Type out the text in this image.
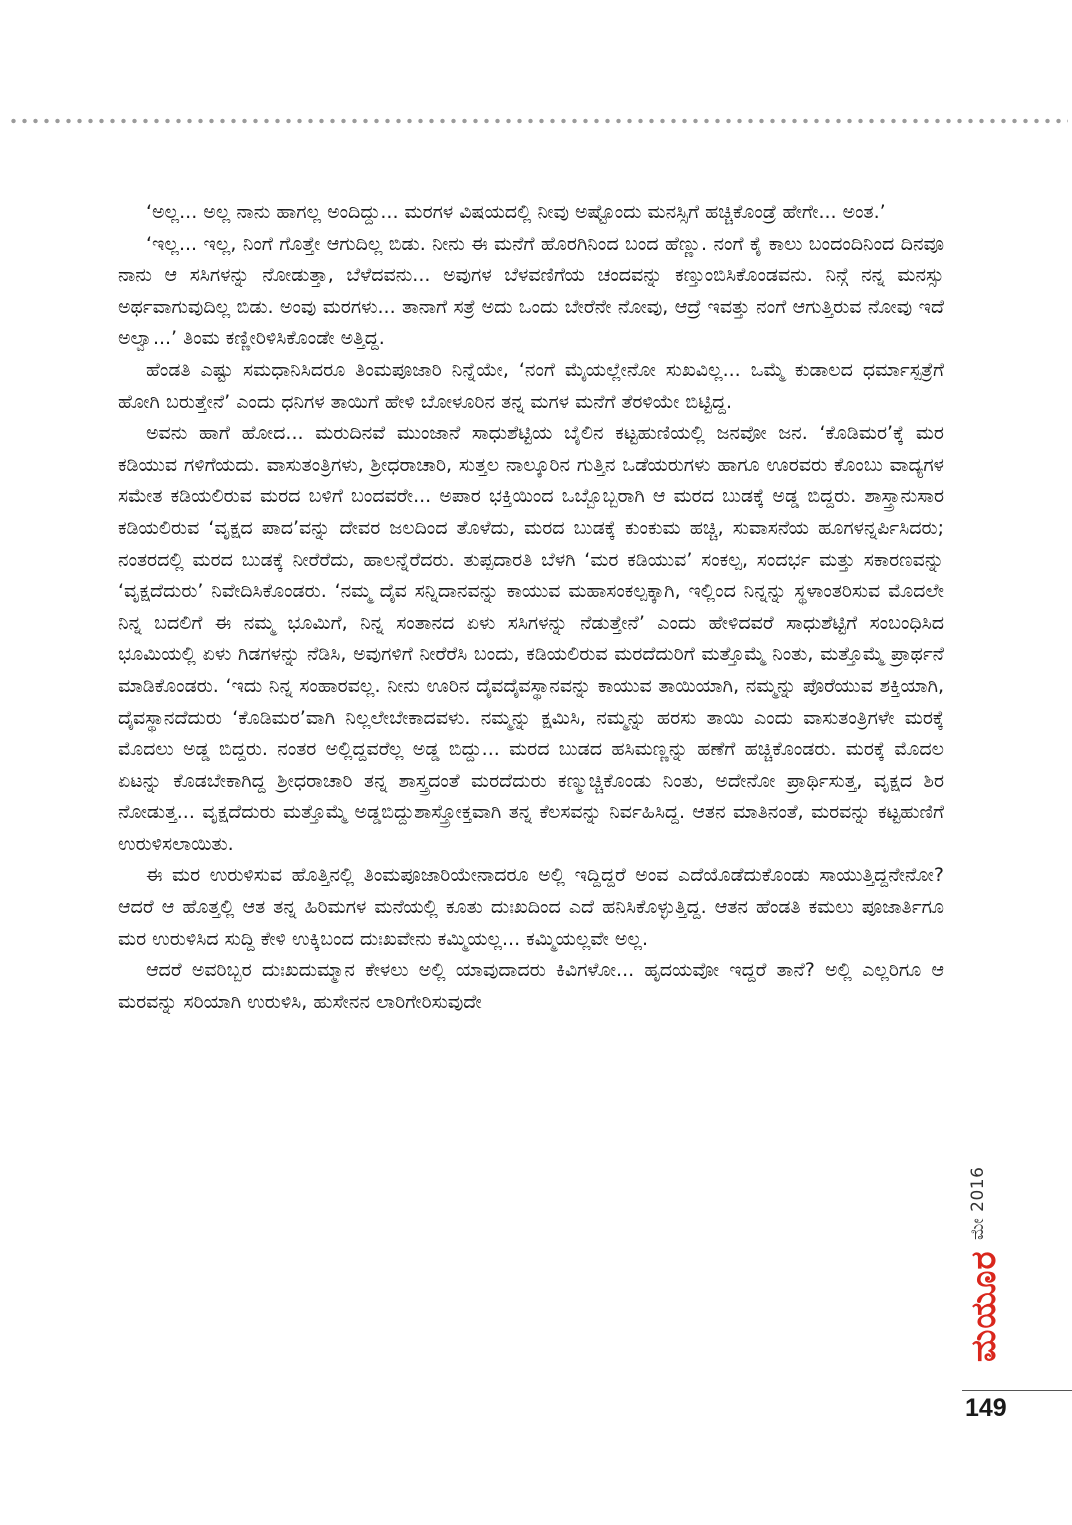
‘ಅಲ್ಲ... ಅಲ್ಲ ನಾನು ಹಾಗಲ್ಲ ಅಂದಿದ್ದು... ಮರಗಳ ವಿಷಯದಲ್ಲಿ ನೀವು ಅಷ್ಟೊಂದು ಮನಸ್ಸಿಗೆ ಹಚ್ಚಿಕೊಂಡ್ರೆ ಹೇಗೇ... ಅಂತ.’

‘ಇಲ್ಲ... ಇಲ್ಲ, ನಿಂಗೆ ಗೊತ್ತೇ ಆಗುದಿಲ್ಲ ಬಿಡು. ನೀನು ಈ ಮನೆಗೆ ಹೊರಗಿನಿಂದ ಬಂದ ಹೆಣ್ಣು. ನಂಗೆ ಕೈ ಕಾಲು ಬಂದಂದಿನಿಂದ ದಿನವೂ ನಾನು ಆ ಸಸಿಗಳನ್ನು ನೋಡುತ್ತಾ, ಬೆಳೆದವನು... ಅವುಗಳ ಬೆಳವಣಿಗೆಯ ಚಂದವನ್ನು ಕಣ್ತುಂಬಿಸಿಕೊಂಡವನು. ನಿನ್ಗೆ ನನ್ನ ಮನಸ್ಸು ಅರ್ಥವಾಗುವುದಿಲ್ಲ ಬಿಡು. ಅಂವು ಮರಗಳು... ತಾನಾಗೆ ಸತ್ರೆ ಅದು ಒಂದು ಬೇರೆನೇ ನೋವು, ಆದ್ರೆ ಇವತ್ತು ನಂಗೆ ಆಗುತ್ತಿರುವ ನೋವು ಇದೆ ಅಲ್ವಾ...’ ತಿಂಮ ಕಣ್ಣೀರಿಳಿಸಿಕೊಂಡೇ ಅತ್ತಿದ್ದ.

ಹೆಂಡತಿ ಎಷ್ಟು ಸಮಧಾನಿಸಿದರೂ ತಿಂಮಪೂಜಾರಿ ನಿನ್ನೆಯೇ, ‘ನಂಗೆ ಮೈಯಲ್ಲೇನೋ ಸುಖವಿಲ್ಲ... ಒಮ್ಮೆ ಕುಡಾಲದ ಧರ್ಮಾಸ್ಪತ್ರೆಗೆ ಹೋಗಿ ಬರುತ್ತೇನೆ’ ಎಂದು ಧನಿಗಳ ತಾಯಿಗೆ ಹೇಳಿ ಬೋಳೂರಿನ ತನ್ನ ಮಗಳ ಮನೆಗೆ ತೆರಳಿಯೇ ಬಿಟ್ಟಿದ್ದ.

ಅವನು ಹಾಗೆ ಹೋದ... ಮರುದಿನವೆ ಮುಂಜಾನೆ ಸಾಧುಶೆಟ್ಟಿಯ ಬೈಲಿನ ಕಟ್ಟಹುಣಿಯಲ್ಲಿ ಜನವೋ ಜನ. ‘ಕೊಡಿಮರ’ಕ್ಕೆ ಮರ ಕಡಿಯುವ ಗಳಿಗೆಯದು. ವಾಸುತಂತ್ರಿಗಳು, ಶ್ರೀಧರಾಚಾರಿ, ಸುತ್ತಲ ನಾಲ್ಕೂರಿನ ಗುತ್ತಿನ ಒಡೆಯರುಗಳು ಹಾಗೂ ಊರವರು ಕೊಂಬು ವಾದ್ಯಗಳ ಸಮೇತ ಕಡಿಯಲಿರುವ ಮರದ ಬಳಿಗೆ ಬಂದವರೇ... ಅಪಾರ ಭಕ್ತಿಯಿಂದ ಒಬ್ಬೊಬ್ಬರಾಗಿ ಆ ಮರದ ಬುಡಕ್ಕೆ ಅಡ್ಡ ಬಿದ್ದರು. ಶಾಸ್ತ್ರಾನುಸಾರ ಕಡಿಯಲಿರುವ ‘ವೃಕ್ಷದ ಪಾದ’ವನ್ನು ದೇವರ ಜಲದಿಂದ ತೊಳೆದು, ಮರದ ಬುಡಕ್ಕೆ ಕುಂಕುಮ ಹಚ್ಚಿ, ಸುವಾಸನೆಯ ಹೂಗಳನ್ನರ್ಪಿಸಿದರು; ನಂತರದಲ್ಲಿ ಮರದ ಬುಡಕ್ಕೆ ನೀರೆರೆದು, ಹಾಲನ್ನೆರೆದರು. ತುಪ್ಪದಾರತಿ ಬೆಳಗಿ ‘ಮರ ಕಡಿಯುವ’ ಸಂಕಲ್ಪ, ಸಂದರ್ಭ ಮತ್ತು ಸಕಾರಣವನ್ನು ‘ವೃಕ್ಷದೆದುರು’ ನಿವೇದಿಸಿಕೊಂಡರು. ‘ನಮ್ಮ ದೈವ ಸನ್ನಿದಾನವನ್ನು ಕಾಯುವ ಮಹಾಸಂಕಲ್ಪಕ್ಕಾಗಿ, ಇಲ್ಲಿಂದ ನಿನ್ನನ್ನು ಸ್ಥಳಾಂತರಿಸುವ ಮೊದಲೇ ನಿನ್ನ ಬದಲಿಗೆ ಈ ನಮ್ಮ ಭೂಮಿಗೆ, ನಿನ್ನ ಸಂತಾನದ ಏಳು ಸಸಿಗಳನ್ನು ನೆಡುತ್ತೇನೆ’ ಎಂದು ಹೇಳಿದವರೆ ಸಾಧುಶೆಟ್ಟಿಗೆ ಸಂಬಂಧಿಸಿದ ಭೂಮಿಯಲ್ಲಿ ಏಳು ಗಿಡಗಳನ್ನು ನೆಡಿಸಿ, ಅವುಗಳಿಗೆ ನೀರೆರೆಸಿ ಬಂದು, ಕಡಿಯಲಿರುವ ಮರದೆದುರಿಗೆ ಮತ್ತೊಮ್ಮೆ ನಿಂತು, ಮತ್ತೊಮ್ಮೆ ಪ್ರಾರ್ಥನೆ ಮಾಡಿಕೊಂಡರು. ‘ಇದು ನಿನ್ನ ಸಂಹಾರವಲ್ಲ. ನೀನು ಊರಿನ ದೈವದೈವಸ್ಥಾನವನ್ನು ಕಾಯುವ ತಾಯಿಯಾಗಿ, ನಮ್ಮನ್ನು ಪೊರೆಯುವ ಶಕ್ತಿಯಾಗಿ, ದೈವಸ್ಥಾನದೆದುರು ‘ಕೊಡಿಮರ’ವಾಗಿ ನಿಲ್ಲಲೇಬೇಕಾದವಳು. ನಮ್ಮನ್ನು ಕ್ಷಮಿಸಿ, ನಮ್ಮನ್ನು ಹರಸು ತಾಯಿ ಎಂದು ವಾಸುತಂತ್ರಿಗಳೇ ಮರಕ್ಕೆ ಮೊದಲು ಅಡ್ಡ ಬಿದ್ದರು. ನಂತರ ಅಲ್ಲಿದ್ದವರೆಲ್ಲ ಅಡ್ಡ ಬಿದ್ದು... ಮರದ ಬುಡದ ಹಸಿಮಣ್ಣನ್ನು ಹಣೆಗೆ ಹಚ್ಚಿಕೊಂಡರು. ಮರಕ್ಕೆ ಮೊದಲ ಏಟನ್ನು ಕೊಡಬೇಕಾಗಿದ್ದ ಶ್ರೀಧರಾಚಾರಿ ತನ್ನ ಶಾಸ್ತ್ರದಂತೆ ಮರದೆದುರು ಕಣ್ಮುಚ್ಚಿಕೊಂಡು ನಿಂತು, ಅದೇನೋ ಪ್ರಾರ್ಥಿಸುತ್ತ, ವೃಕ್ಷದ ಶಿರ ನೋಡುತ್ತ... ವೃಕ್ಷದೆದುರು ಮತ್ತೊಮ್ಮೆ ಅಡ್ಡಬಿದ್ದುಶಾಸ್ತ್ರೋಕ್ತವಾಗಿ ತನ್ನ ಕೆಲಸವನ್ನು ನಿರ್ವಹಿಸಿದ್ದ. ಆತನ ಮಾತಿನಂತೆ, ಮರವನ್ನು ಕಟ್ಟಹುಣಿಗೆ ಉರುಳಿಸಲಾಯಿತು.

ಈ ಮರ ಉರುಳಿಸುವ ಹೊತ್ತಿನಲ್ಲಿ ತಿಂಮಪೂಜಾರಿಯೇನಾದರೂ ಅಲ್ಲಿ ಇದ್ದಿದ್ದರೆ ಅಂವ ಎದೆಯೊಡೆದುಕೊಂಡು ಸಾಯುತ್ತಿದ್ದನೇನೋ? ಆದರೆ ಆ ಹೊತ್ತಲ್ಲಿ ಆತ ತನ್ನ ಹಿರಿಮಗಳ ಮನೆಯಲ್ಲಿ ಕೂತು ದುಃಖದಿಂದ ಎದೆ ಹನಿಸಿಕೊಳ್ಳುತ್ತಿದ್ದ. ಆತನ ಹೆಂಡತಿ ಕಮಲು ಪೂಜಾರ್ತಿಗೂ ಮರ ಉರುಳಿಸಿದ ಸುದ್ದಿ ಕೇಳಿ ಉಕ್ಕಿಬಂದ ದುಃಖವೇನು ಕಮ್ಮಿಯಲ್ಲ... ಕಮ್ಮಿಯಲ್ಲವೇ ಅಲ್ಲ.

ಆದರೆ ಅವರಿಬ್ಬರ ದುಃಖದುಮ್ಮಾನ ಕೇಳಲು ಅಲ್ಲಿ ಯಾವುದಾದರು ಕಿವಿಗಳೋ... ಹೃದಯವೋ ಇದ್ದರೆ ತಾನೆ? ಅಲ್ಲಿ ಎಲ್ಲರಿಗೂ ಆ ಮರವನ್ನು ಸರಿಯಾಗಿ ಉರುಳಿಸಿ, ಹುಸೇನನ ಲಾರಿಗೇರಿಸುವುದೇ

ಮೇ 2016
ಮಯೂರ
149
